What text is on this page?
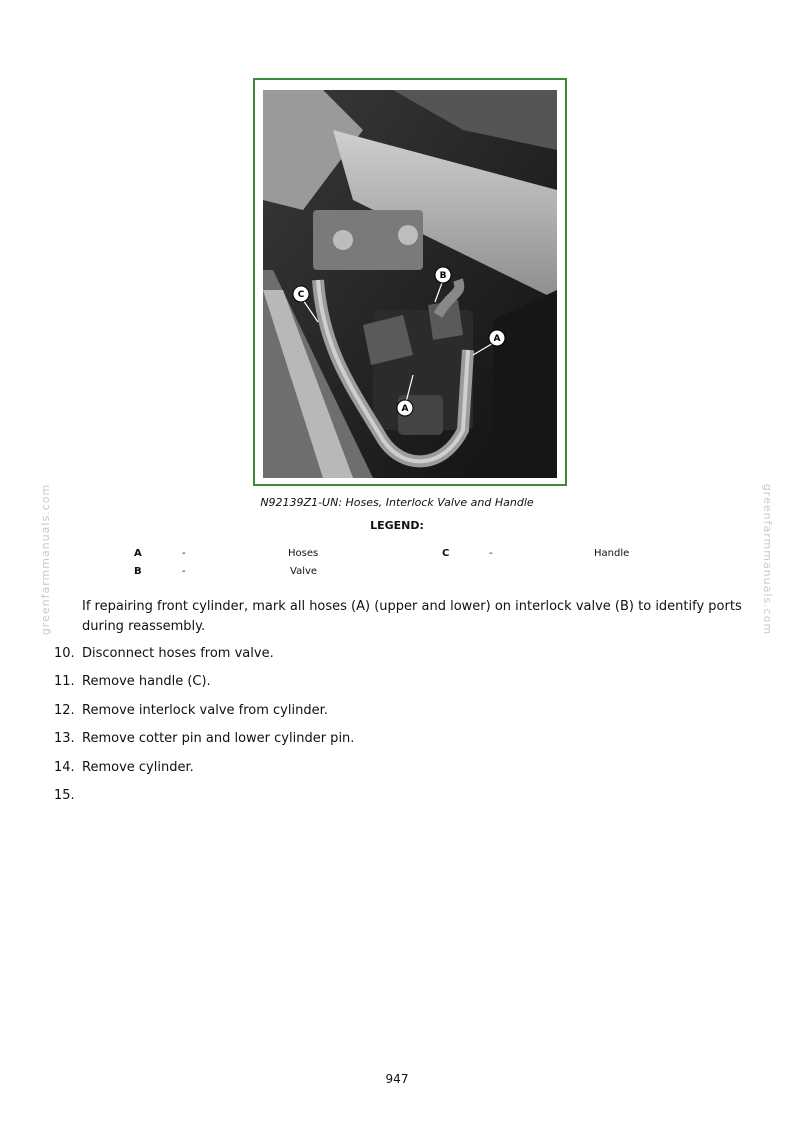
B
C
A
A
N92139Z1-UN: Hoses, Interlock Valve and Handle
LEGEND:
A	-	Hoses
B	-	Valve
C	-	Handle
If repairing front cylinder, mark all hoses (A) (upper and lower) on interlock valve (B) to identify ports during reassembly.
10. Disconnect hoses from valve.
11. Remove handle (C).
12. Remove interlock valve from cylinder.
13. Remove cotter pin and lower cylinder pin.
14. Remove cylinder.
15.
greenfarmmanuals.com	greenfarmmanuals.com
947
